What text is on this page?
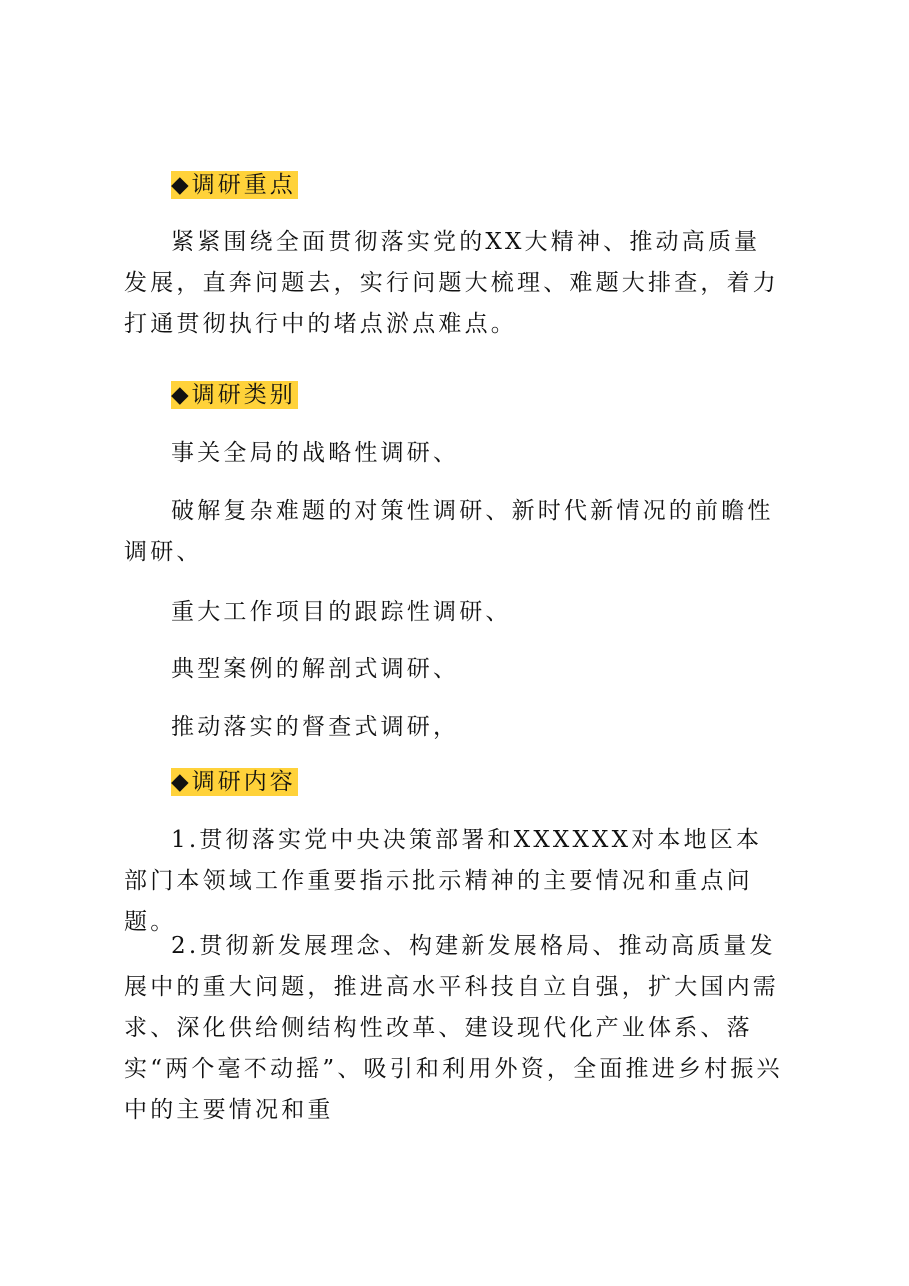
◆调研重点
紧紧围绕全面贯彻落实党的XX大精神、推动高质量发展，直奔问题去，实行问题大梳理、难题大排查，着力打通贯彻执行中的堵点淤点难点。
◆调研类别
事关全局的战略性调研、
破解复杂难题的对策性调研、新时代新情况的前瞻性调研、
重大工作项目的跟踪性调研、
典型案例的解剖式调研、
推动落实的督查式调研，
◆调研内容
1.贯彻落实党中央决策部署和XXXXXX对本地区本部门本领域工作重要指示批示精神的主要情况和重点问题。
2.贯彻新发展理念、构建新发展格局、推动高质量发展中的重大问题，推进高水平科技自立自强，扩大国内需求、深化供给侧结构性改革、建设现代化产业体系、落实“两个毫不动摇”、吸引和利用外资，全面推进乡村振兴中的主要情况和重
